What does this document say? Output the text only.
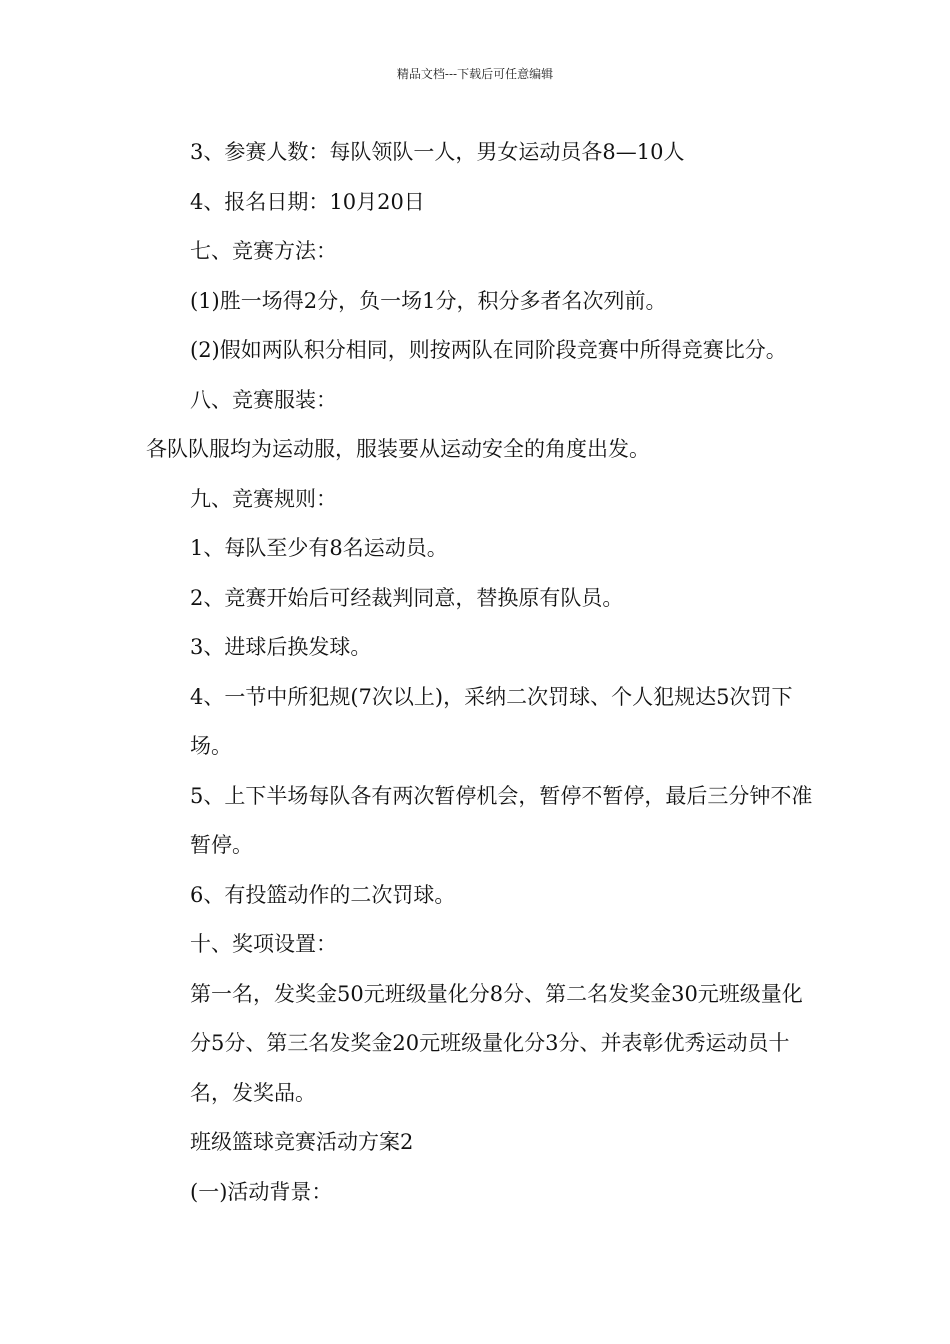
精品文档---下载后可任意编辑

3、参赛人数：每队领队一人，男女运动员各8—10人

4、报名日期：10月20日

七、竞赛方法：

(1)胜一场得2分，负一场1分，积分多者名次列前。

(2)假如两队积分相同，则按两队在同阶段竞赛中所得竞赛比分。

八、竞赛服装：

各队队服均为运动服，服装要从运动安全的角度出发。

九、竞赛规则：

1、每队至少有8名运动员。

2、竞赛开始后可经裁判同意，替换原有队员。

3、进球后换发球。

4、一节中所犯规(7次以上)，采纳二次罚球、个人犯规达5次罚下场。

5、上下半场每队各有两次暂停机会，暂停不暂停，最后三分钟不准暂停。

6、有投篮动作的二次罚球。

十、奖项设置：

第一名，发奖金50元班级量化分8分、第二名发奖金30元班级量化分5分、第三名发奖金20元班级量化分3分、并表彰优秀运动员十名，发奖品。

班级篮球竞赛活动方案2

(一)活动背景：
